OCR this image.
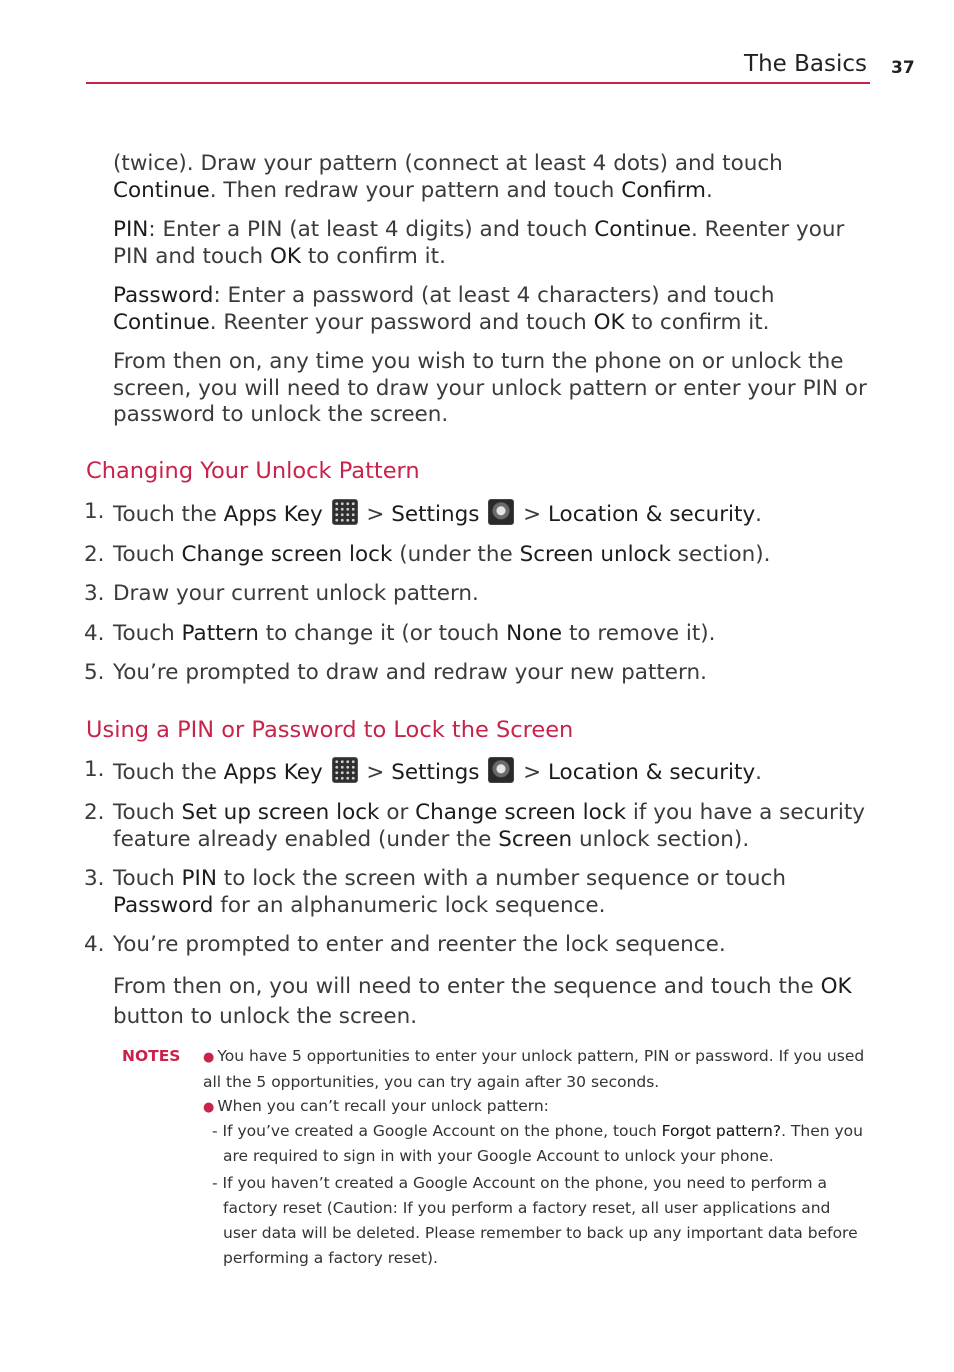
The Basics 37
(twice). Draw your pattern (connect at least 4 dots) and touch Continue. Then redraw your pattern and touch Confirm.
PIN: Enter a PIN (at least 4 digits) and touch Continue. Reenter your PIN and touch OK to confirm it.
Password: Enter a password (at least 4 characters) and touch Continue. Reenter your password and touch OK to confirm it.
From then on, any time you wish to turn the phone on or unlock the screen, you will need to draw your unlock pattern or enter your PIN or password to unlock the screen.
Changing Your Unlock Pattern
1. Touch the Apps Key  > Settings  > Location & security.
2. Touch Change screen lock (under the Screen unlock section).
3. Draw your current unlock pattern.
4. Touch Pattern to change it (or touch None to remove it).
5. You’re prompted to draw and redraw your new pattern.
Using a PIN or Password to Lock the Screen
1. Touch the Apps Key  > Settings  > Location & security.
2. Touch Set up screen lock or Change screen lock if you have a security feature already enabled (under the Screen unlock section).
3. Touch PIN to lock the screen with a number sequence or touch Password for an alphanumeric lock sequence.
4. You’re prompted to enter and reenter the lock sequence.
From then on, you will need to enter the sequence and touch the OK button to unlock the screen.
NOTES ● You have 5 opportunities to enter your unlock pattern, PIN or password. If you used all the 5 opportunities, you can try again after 30 seconds.
● When you can’t recall your unlock pattern:
- If you’ve created a Google Account on the phone, touch Forgot pattern?. Then you are required to sign in with your Google Account to unlock your phone.
- If you haven’t created a Google Account on the phone, you need to perform a factory reset (Caution: If you perform a factory reset, all user applications and user data will be deleted. Please remember to back up any important data before performing a factory reset).
